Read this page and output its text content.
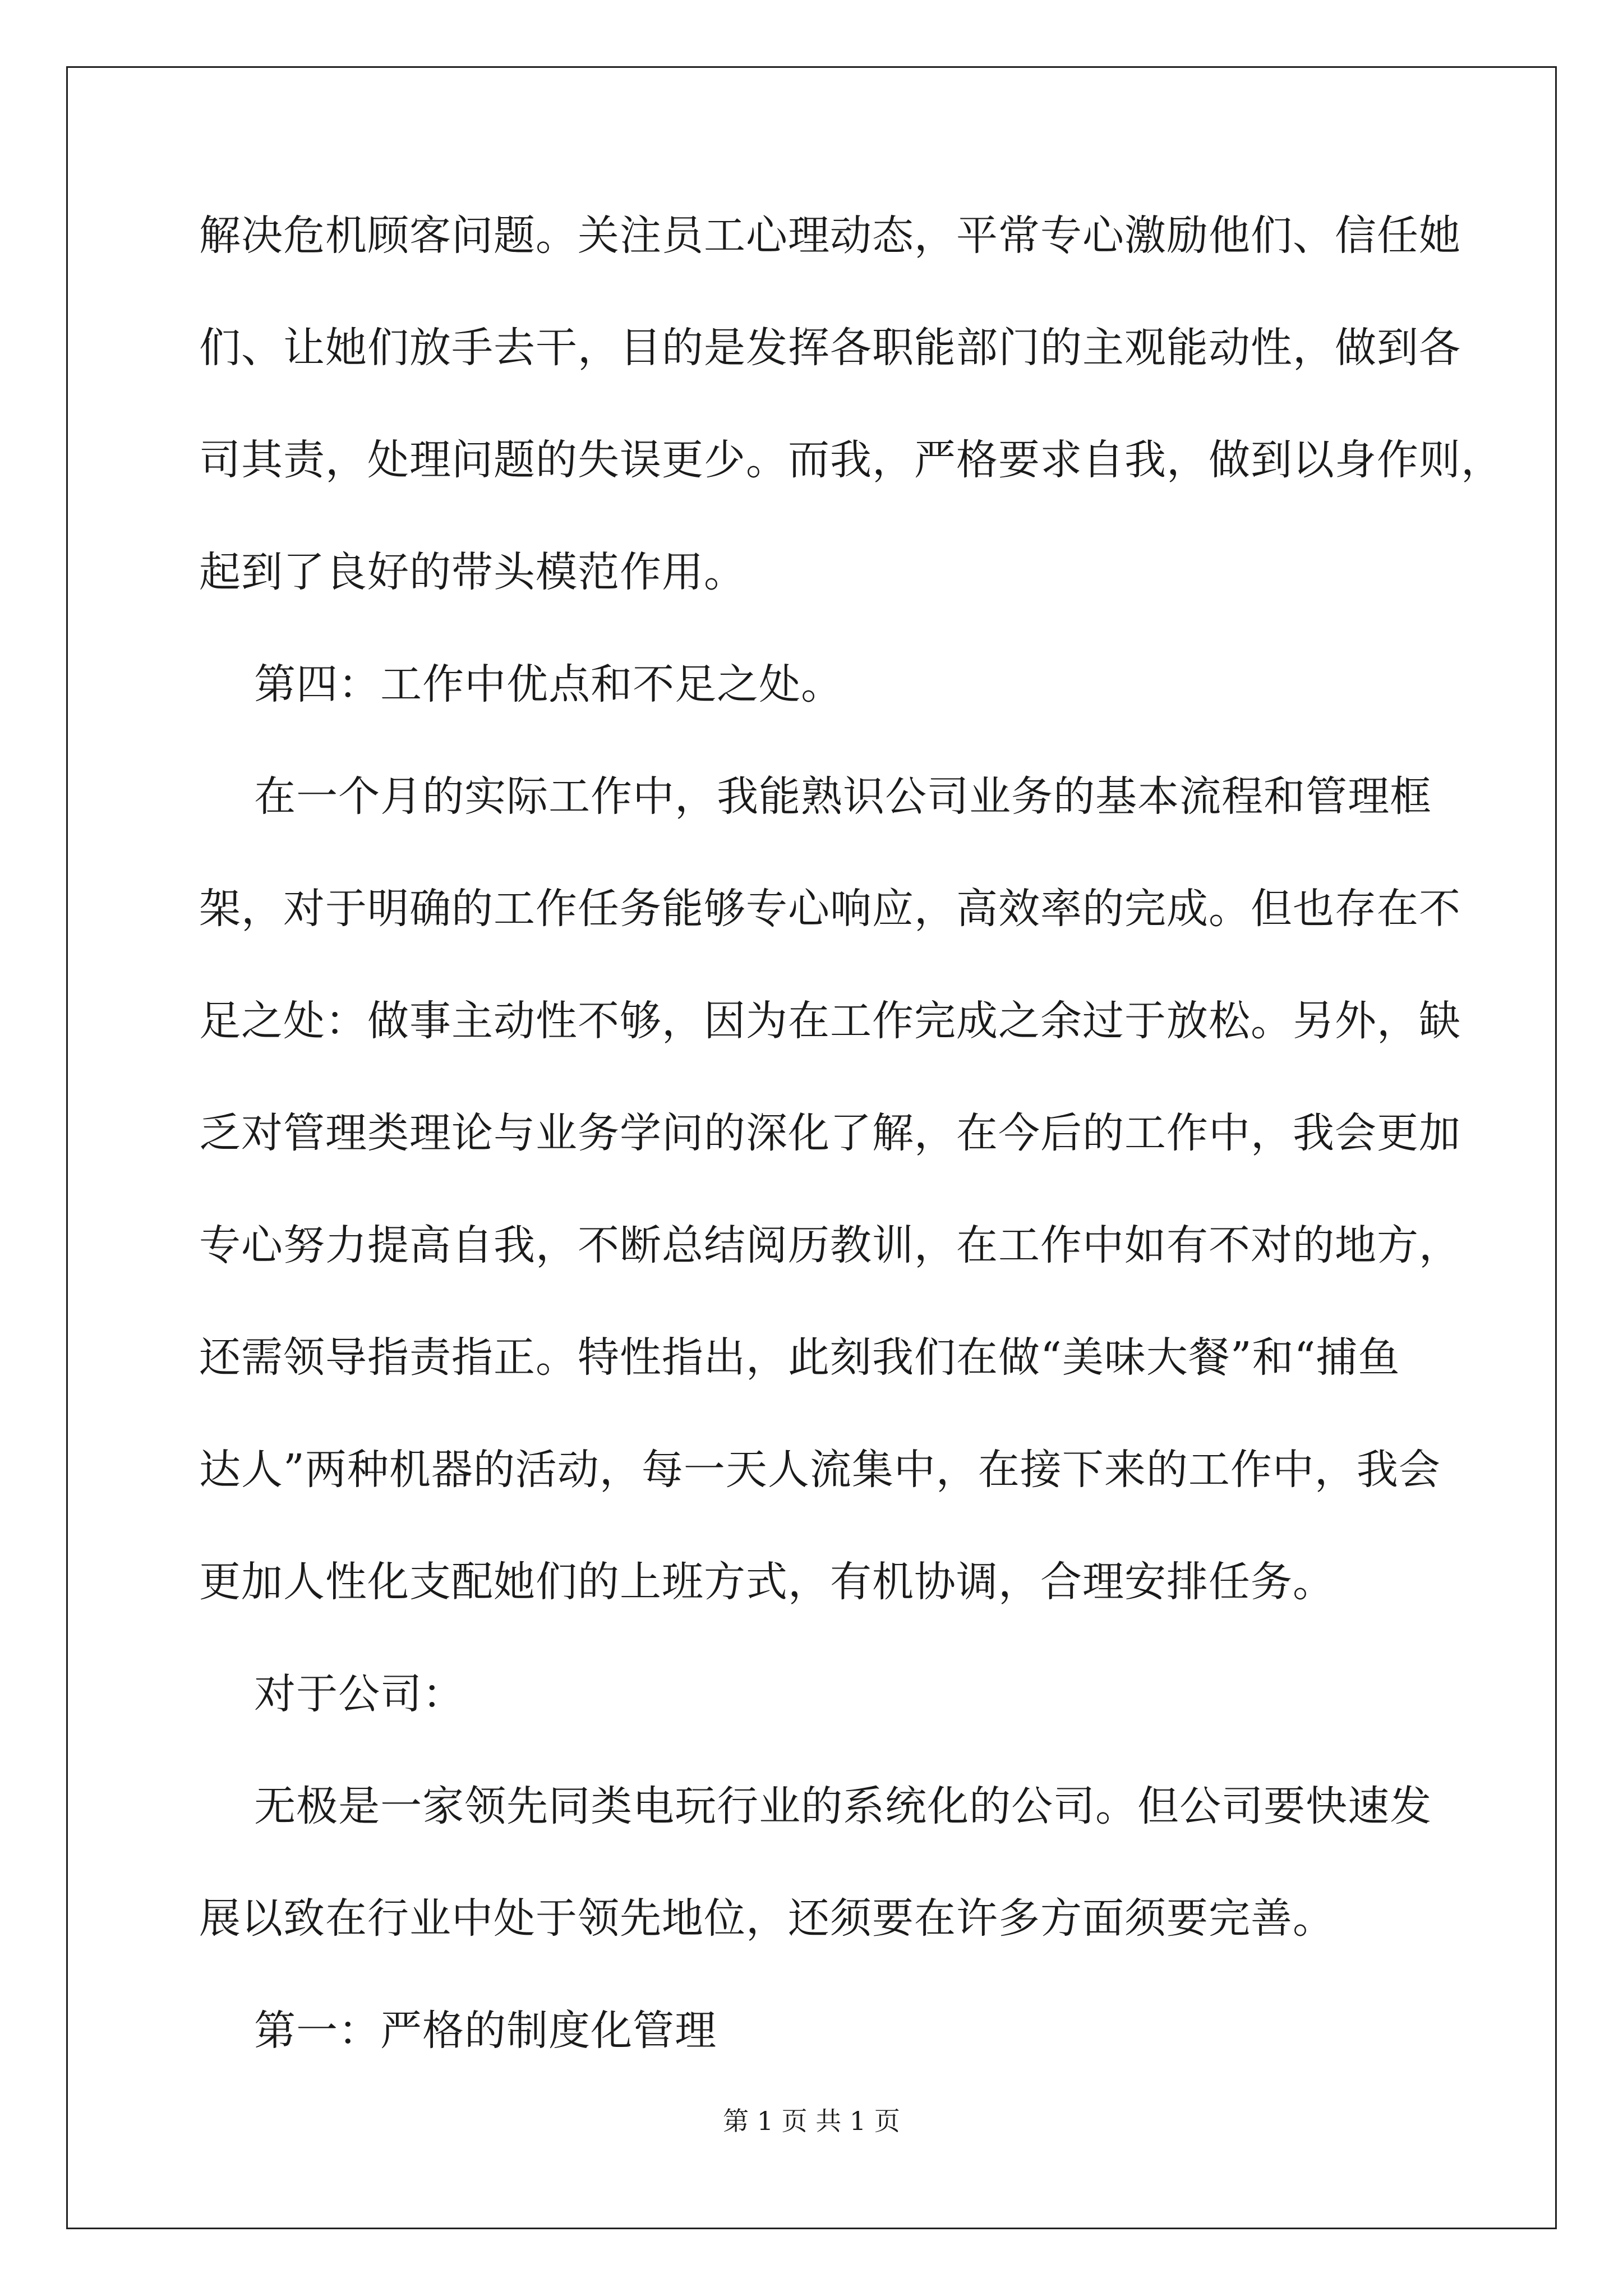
解决危机顾客问题。关注员工心理动态，平常专心激励他们、信任她
们、让她们放手去干，目的是发挥各职能部门的主观能动性，做到各
司其责，处理问题的失误更少。而我，严格要求自我，做到以身作则，
起到了良好的带头模范作用。
第四：工作中优点和不足之处。
在一个月的实际工作中，我能熟识公司业务的基本流程和管理框
架，对于明确的工作任务能够专心响应，高效率的完成。但也存在不
足之处：做事主动性不够，因为在工作完成之余过于放松。另外，缺
乏对管理类理论与业务学问的深化了解，在今后的工作中，我会更加
专心努力提高自我，不断总结阅历教训，在工作中如有不对的地方，
还需领导指责指正。特性指出，此刻我们在做“美味大餐”和“捕鱼
达人”两种机器的活动，每一天人流集中，在接下来的工作中，我会
更加人性化支配她们的上班方式，有机协调，合理安排任务。
对于公司：
无极是一家领先同类电玩行业的系统化的公司。但公司要快速发
展以致在行业中处于领先地位，还须要在许多方面须要完善。
第一：严格的制度化管理
第 1 页 共 1 页
